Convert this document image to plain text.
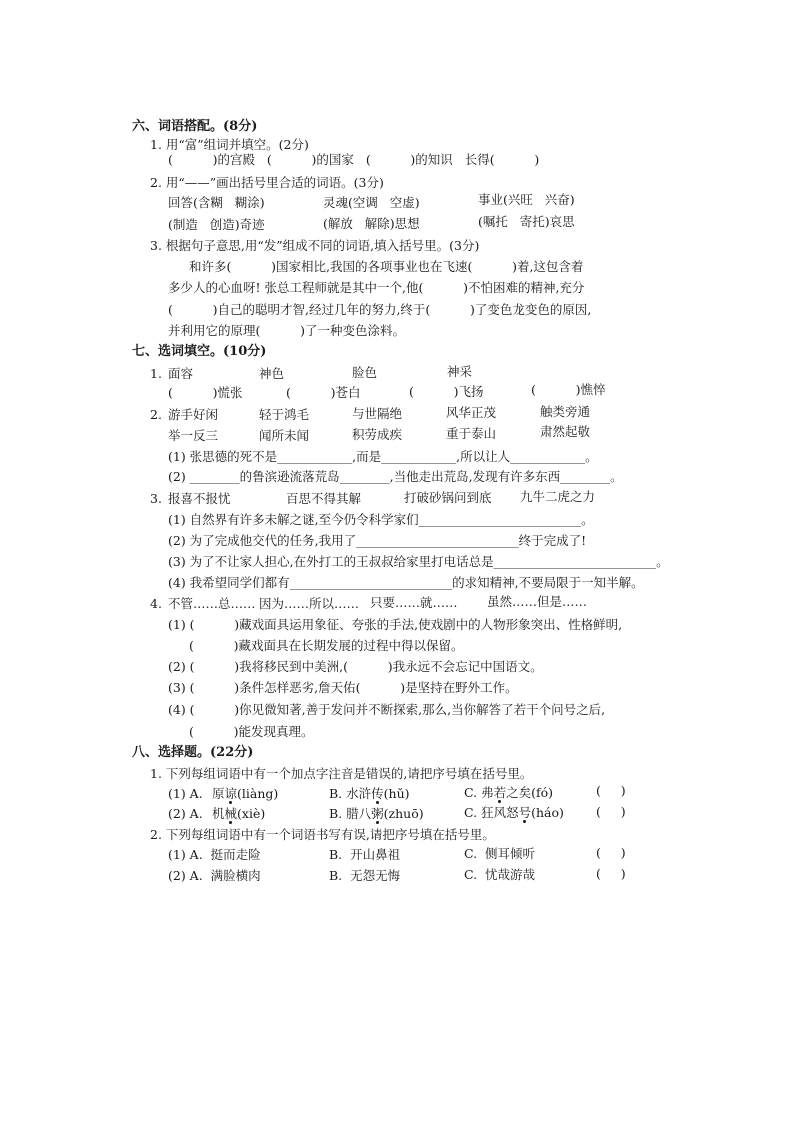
六、词语搭配。(8分)
1. 用“富”组词并填空。(2分)
(          )的宫殿   (          )的国家   (          )的知识   长得(          )
2. 用“——”画出括号里合适的词语。(3分)
回答(含糊   糊涂)	灵魂(空调   空虚)	事业(兴旺   兴奋)
(制造   创造)奇迹	(解放   解除)思想	(嘱托   寄托)哀思
3. 根据句子意思,用“发”组成不同的词语,填入括号里。(3分)
和许多(          )国家相比,我国的各项事业也在飞速(          )着,这包含着
多少人的心血呀! 张总工程师就是其中一个,他(          )不怕困难的精神,充分
(          )自己的聪明才智,经过几年的努力,终于(          )了变色龙变色的原因,
并利用它的原理(          )了一种变色涂料。
七、选词填空。(10分)
1. 面容	神色	脸色	神采
(          )慌张	(          )苍白	(          )飞扬	(          )憔悴
2. 游手好闲	轻于鸿毛	与世隔绝	风华正茂	触类旁通
举一反三	闻所未闻	积劳成疾	重于泰山	肃然起敬
(1) 张思德的死不是____________,而是____________,所以让人____________。
(2) ________的鲁滨逊流落荒岛________,当他走出荒岛,发现有许多东西________。
3. 报喜不报忧	百思不得其解	打破砂锅问到底 九牛二虎之力
(1) 自然界有许多未解之谜,至今仍令科学家们__________________________。
(2) 为了完成他交代的任务,我用了__________________________终于完成了!
(3) 为了不让家人担心,在外打工的王叔叔给家里打电话总是__________________________。
(4) 我希望同学们都有__________________________的求知精神,不要局限于一知半解。
4. 不管……总…… 因为……所以…… 只要……就…… 虽然……但是……
(1) (          )藏戏面具运用象征、夸张的手法,使戏剧中的人物形象突出、性格鲜明,
(          )藏戏面具在长期发展的过程中得以保留。
(2) (          )我将移民到中美洲,(          )我永远不会忘记中国语文。
(3) (          )条件怎样恶劣,詹天佑(          )是坚持在野外工作。
(4) (          )你见微知著,善于发问并不断探索,那么,当你解答了若干个问号之后,
(          )能发现真理。
八、选择题。(22分)
1. 下列每组词语中有一个加点字注音是错误的,请把序号填在括号里。
(1) A. 原谅(liàng)	B. 水浒传(hǔ)	C. 弗若之矣(fó)	(     )
(2) A. 机械(xiè)	B. 腊八粥(zhuō)	C. 狂风怒号(háo)	(     )
2. 下列每组词语中有一个词语书写有误,请把序号填在括号里。
(1) A.  挺而走险	B.  开山鼻祖	C.  侧耳倾听	(     )
(2) A.  满脸横肉	B.  无怨无悔	C.  忧哉游哉	(     )
